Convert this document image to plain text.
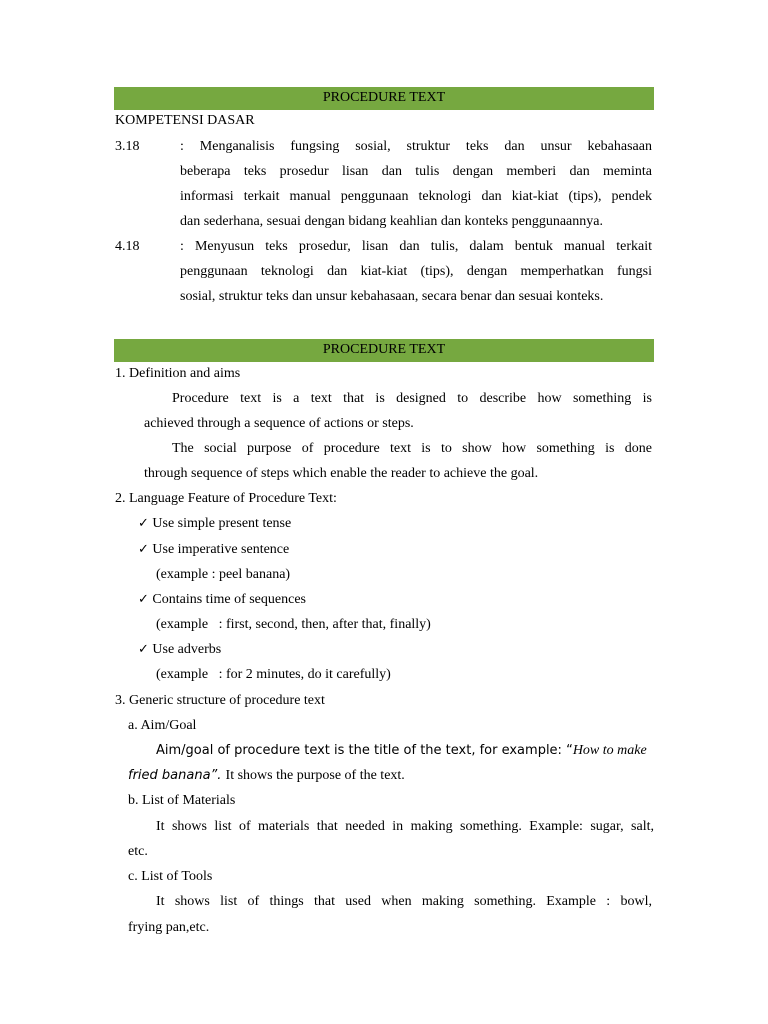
PROCEDURE TEXT
KOMPETENSI DASAR
3.18	: Menganalisis fungsing sosial, struktur teks dan unsur kebahasaan
beberapa teks prosedur lisan dan tulis dengan memberi dan meminta
informasi terkait manual penggunaan teknologi dan kiat-kiat (tips), pendek
dan sederhana, sesuai dengan bidang keahlian dan konteks penggunaannya.
4.18	: Menyusun teks prosedur, lisan dan tulis, dalam bentuk manual terkait
penggunaan teknologi dan kiat-kiat (tips), dengan memperhatkan fungsi
sosial, struktur teks dan unsur kebahasaan, secara benar dan sesuai konteks.
PROCEDURE TEXT
1. Definition and aims
Procedure text is a text that is designed to describe how something is
achieved through a sequence of actions or steps.
The social purpose of procedure text is to show how something is done
through sequence of steps which enable the reader to achieve the goal.
2. Language Feature of Procedure Text:
✓ Use simple present tense
✓ Use imperative sentence
(example : peel banana)
✓ Contains time of sequences
(example   : first, second, then, after that, finally)
✓ Use adverbs
(example   : for 2 minutes, do it carefully)
3. Generic structure of procedure text
a. Aim/Goal
Aim/goal of procedure text is the title of the text, for example: “How to make
fried banana”. It shows the purpose of the text.
b. List of Materials
It shows list of materials that needed in making something. Example: sugar, salt,
etc.
c. List of Tools
It shows list of things that used when making something. Example : bowl,
frying pan,etc.
